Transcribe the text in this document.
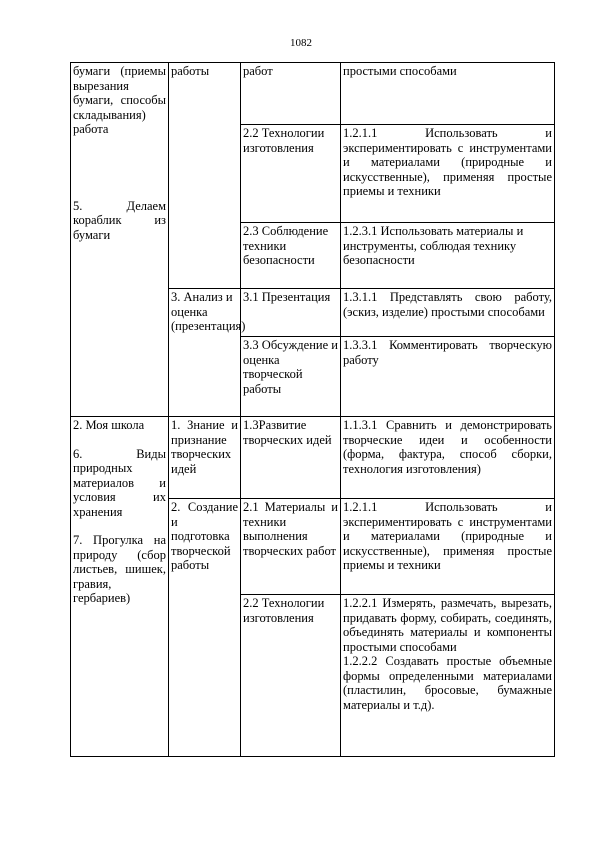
1082
бумаги (приемы вырезания бумаги, способы складывания) работа
5. Делаем кораблик из бумаги	работы	работ	простыми способами
		2.2 Технологии изготовления	1.2.1.1 Использовать и экспериментировать с инструментами и материалами (природные и искусственные), применяя простые приемы и техники
		2.3 Соблюдение техники безопасности	1.2.3.1 Использовать материалы и инструменты, соблюдая технику безопасности
	3. Анализ и оценка (презентация)	3.1 Презентация	1.3.1.1 Представлять свою работу, (эскиз, изделие) простыми способами
		3.3 Обсуждение и оценка творческой работы	1.3.3.1 Комментировать творческую работу

2. Моя школа
6. Виды природных материалов и условия их хранения
7. Прогулка на природу (сбор листьев, шишек, гравия, гербариев)	1. Знание и признание творческих идей	1.3Развитие творческих идей	1.1.3.1 Сравнить и демонстрировать творческие идеи и особенности (форма, фактура, способ сборки, технология изготовления)
	2. Создание и подготовка творческой работы	2.1 Материалы и техники выполнения творческих работ	1.2.1.1 Использовать и экспериментировать с инструментами и материалами (природные и искусственные), применяя простые приемы и техники
		2.2 Технологии изготовления	1.2.2.1 Измерять, размечать, вырезать, придавать форму, собирать, соединять, объединять материалы и компоненты простыми способами
1.2.2.2 Создавать простые объемные формы определенными материалами (пластилин, бросовые, бумажные материалы и т.д).
